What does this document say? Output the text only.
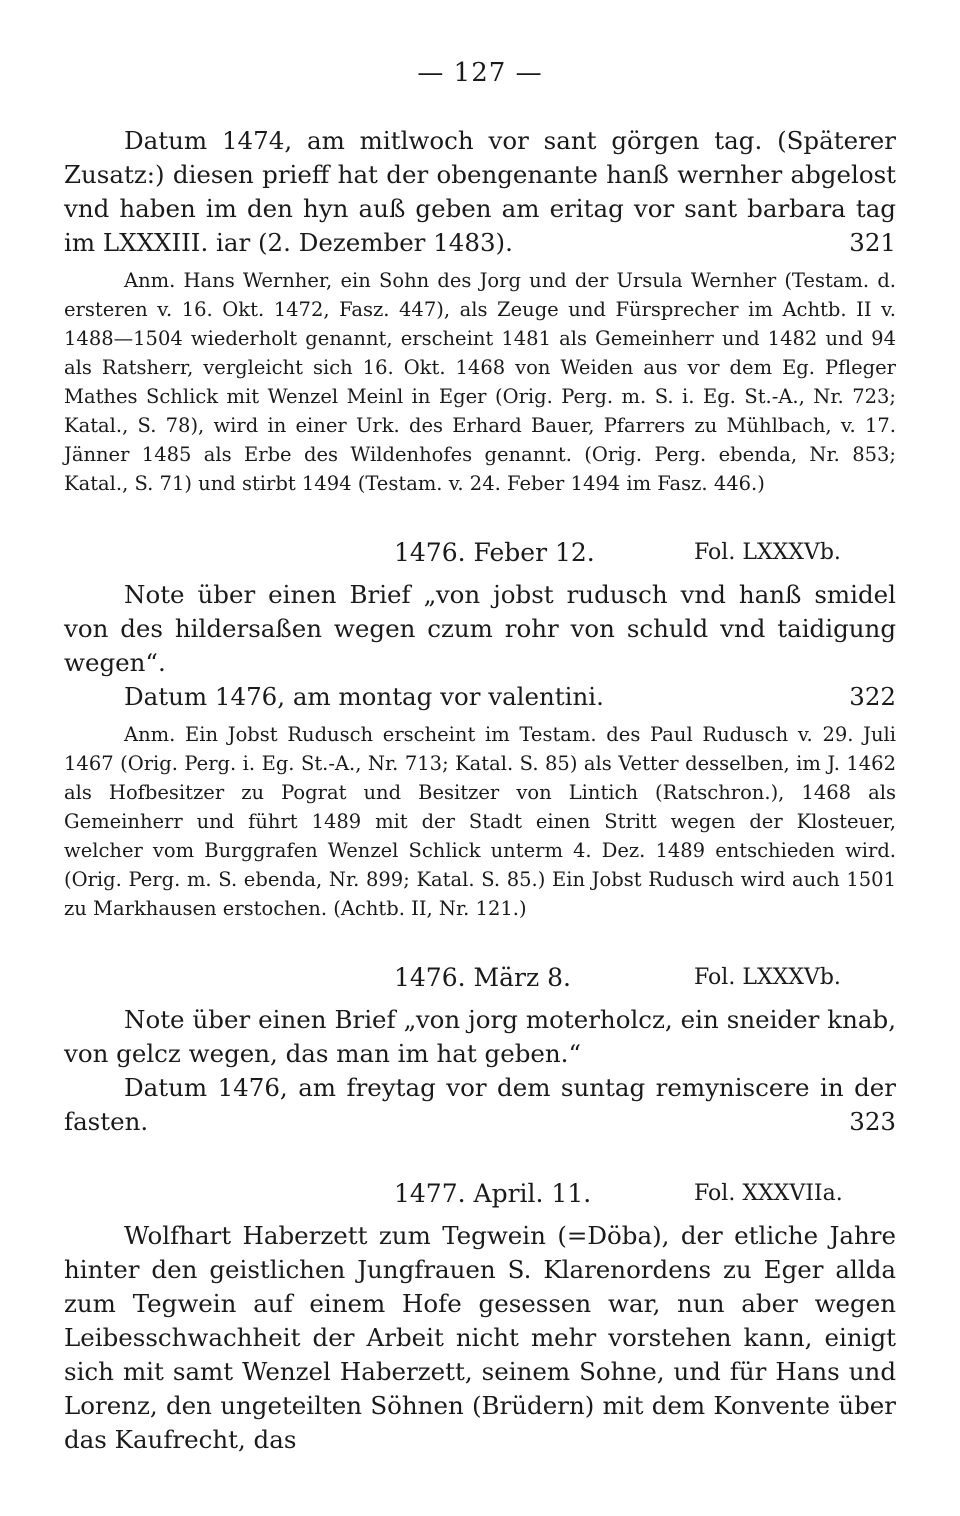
— 127 —
Datum 1474, am mitlwoch vor sant görgen tag. (Späterer Zusatz:) diesen prieff hat der obengenante hanß wernher abgelost vnd haben im den hyn auß geben am eritag vor sant barbara tag im LXXXIII. iar (2. Dezember 1483).	321
Anm. Hans Wernher, ein Sohn des Jorg und der Ursula Wernher (Testam. d. ersteren v. 16. Okt. 1472, Fasz. 447), als Zeuge und Fürsprecher im Achtb. II v. 1488—1504 wiederholt genannt, erscheint 1481 als Gemeinherr und 1482 und 94 als Ratsherr, vergleicht sich 16. Okt. 1468 von Weiden aus vor dem Eg. Pfleger Mathes Schlick mit Wenzel Meinl in Eger (Orig. Perg. m. S. i. Eg. St.-A., Nr. 723; Katal., S. 78), wird in einer Urk. des Erhard Bauer, Pfarrers zu Mühlbach, v. 17. Jänner 1485 als Erbe des Wildenhofes genannt. (Orig. Perg. ebenda, Nr. 853; Katal., S. 71) und stirbt 1494 (Testam. v. 24. Feber 1494 im Fasz. 446.)
1476. Feber 12.	Fol. LXXXVb.
Note über einen Brief „von jobst rudusch vnd hanß smidel von des hildersaßen wegen czum rohr von schuld vnd taidigung wegen“.
Datum 1476, am montag vor valentini.	322
Anm. Ein Jobst Rudusch erscheint im Testam. des Paul Rudusch v. 29. Juli 1467 (Orig. Perg. i. Eg. St.-A., Nr. 713; Katal. S. 85) als Vetter desselben, im J. 1462 als Hofbesitzer zu Pograt und Besitzer von Lintich (Ratschron.), 1468 als Gemeinherr und führt 1489 mit der Stadt einen Stritt wegen der Klosteuer, welcher vom Burggrafen Wenzel Schlick unterm 4. Dez. 1489 entschieden wird. (Orig. Perg. m. S. ebenda, Nr. 899; Katal. S. 85.) Ein Jobst Rudusch wird auch 1501 zu Markhausen erstochen. (Achtb. II, Nr. 121.)
1476. März 8.	Fol. LXXXVb.
Note über einen Brief „von jorg moterholcz, ein sneider knab, von gelcz wegen, das man im hat geben.“
Datum 1476, am freytag vor dem suntag remyniscere in der fasten.	323
1477. April. 11.	Fol. XXXVIIa.
Wolfhart Haberzett zum Tegwein (=Döba), der etliche Jahre hinter den geistlichen Jungfrauen S. Klarenordens zu Eger allda zum Tegwein auf einem Hofe gesessen war, nun aber wegen Leibesschwachheit der Arbeit nicht mehr vorstehen kann, einigt sich mit samt Wenzel Haberzett, seinem Sohne, und für Hans und Lorenz, den ungeteilten Söhnen (Brüdern) mit dem Konvente über das Kaufrecht, das
